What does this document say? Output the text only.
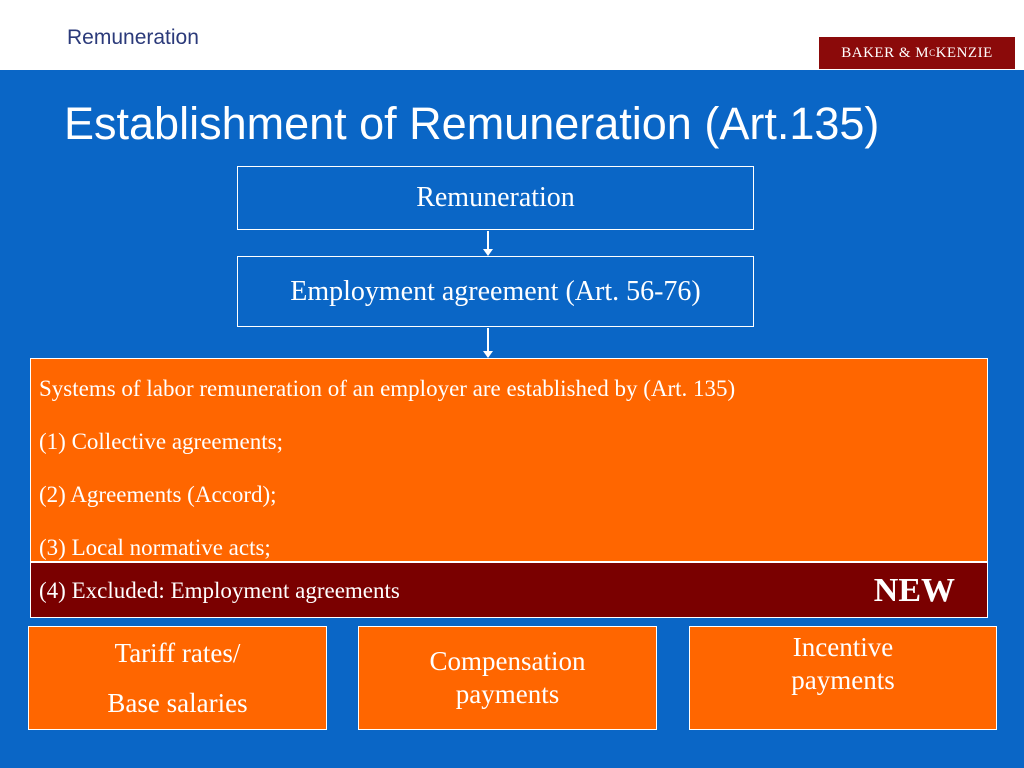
Remuneration
BAKER & M C KENZIE
Establishment of Remuneration (Art.135)
Remuneration
Employment agreement (Art. 56-76)

Systems of labor remuneration of an employer are established by (Art. 135)

(1) Collective agreements;

(2) Agreements (Accord);

(3) Local normative acts;

(4) Excluded: Employment agreements	NEW
Tariff rates/
Base salaries
Compensation
payments
Incentive
payments
